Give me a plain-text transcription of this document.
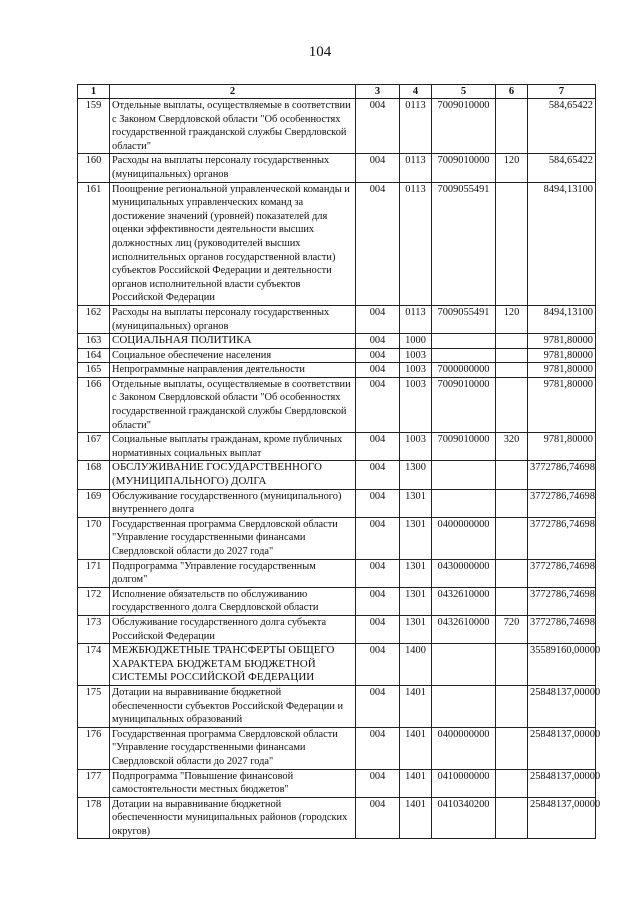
104
1	2	3	4	5	6	7
159	Отдельные выплаты, осуществляемые в соответствии с Законом Свердловской области "Об особенностях государственной гражданской службы Свердловской области"	004	0113	7009010000		584,65422
160	Расходы на выплаты персоналу государственных (муниципальных) органов	004	0113	7009010000	120	584,65422
161	Поощрение региональной управленческой команды и муниципальных управленческих команд за достижение значений (уровней) показателей для оценки эффективности деятельности высших должностных лиц (руководителей высших исполнительных органов государственной власти) субъектов Российской Федерации и деятельности органов исполнительной власти субъектов Российской Федерации	004	0113	7009055491		8494,13100
162	Расходы на выплаты персоналу государственных (муниципальных) органов	004	0113	7009055491	120	8494,13100
163	СОЦИАЛЬНАЯ ПОЛИТИКА	004	1000			9781,80000
164	Социальное обеспечение населения	004	1003			9781,80000
165	Непрограммные направления деятельности	004	1003	7000000000		9781,80000
166	Отдельные выплаты, осуществляемые в соответствии с Законом Свердловской области "Об особенностях государственной гражданской службы Свердловской области"	004	1003	7009010000		9781,80000
167	Социальные выплаты гражданам, кроме публичных нормативных социальных выплат	004	1003	7009010000	320	9781,80000
168	ОБСЛУЖИВАНИЕ ГОСУДАРСТВЕННОГО (МУНИЦИПАЛЬНОГО) ДОЛГА	004	1300			3772786,74698
169	Обслуживание государственного (муниципального) внутреннего долга	004	1301			3772786,74698
170	Государственная программа Свердловской области "Управление государственными финансами Свердловской области до 2027 года"	004	1301	0400000000		3772786,74698
171	Подпрограмма "Управление государственным долгом"	004	1301	0430000000		3772786,74698
172	Исполнение обязательств по обслуживанию государственного долга Свердловской области	004	1301	0432610000		3772786,74698
173	Обслуживание государственного долга субъекта Российской Федерации	004	1301	0432610000	720	3772786,74698
174	МЕЖБЮДЖЕТНЫЕ ТРАНСФЕРТЫ ОБЩЕГО ХАРАКТЕРА БЮДЖЕТАМ БЮДЖЕТНОЙ СИСТЕМЫ РОССИЙСКОЙ ФЕДЕРАЦИИ	004	1400			35589160,00000
175	Дотации на выравнивание бюджетной обеспеченности субъектов Российской Федерации и муниципальных образований	004	1401			25848137,00000
176	Государственная программа Свердловской области "Управление государственными финансами Свердловской области до 2027 года"	004	1401	0400000000		25848137,00000
177	Подпрограмма "Повышение финансовой самостоятельности местных бюджетов"	004	1401	0410000000		25848137,00000
178	Дотации на выравнивание бюджетной обеспеченности муниципальных районов (городских округов)	004	1401	0410340200		25848137,00000
